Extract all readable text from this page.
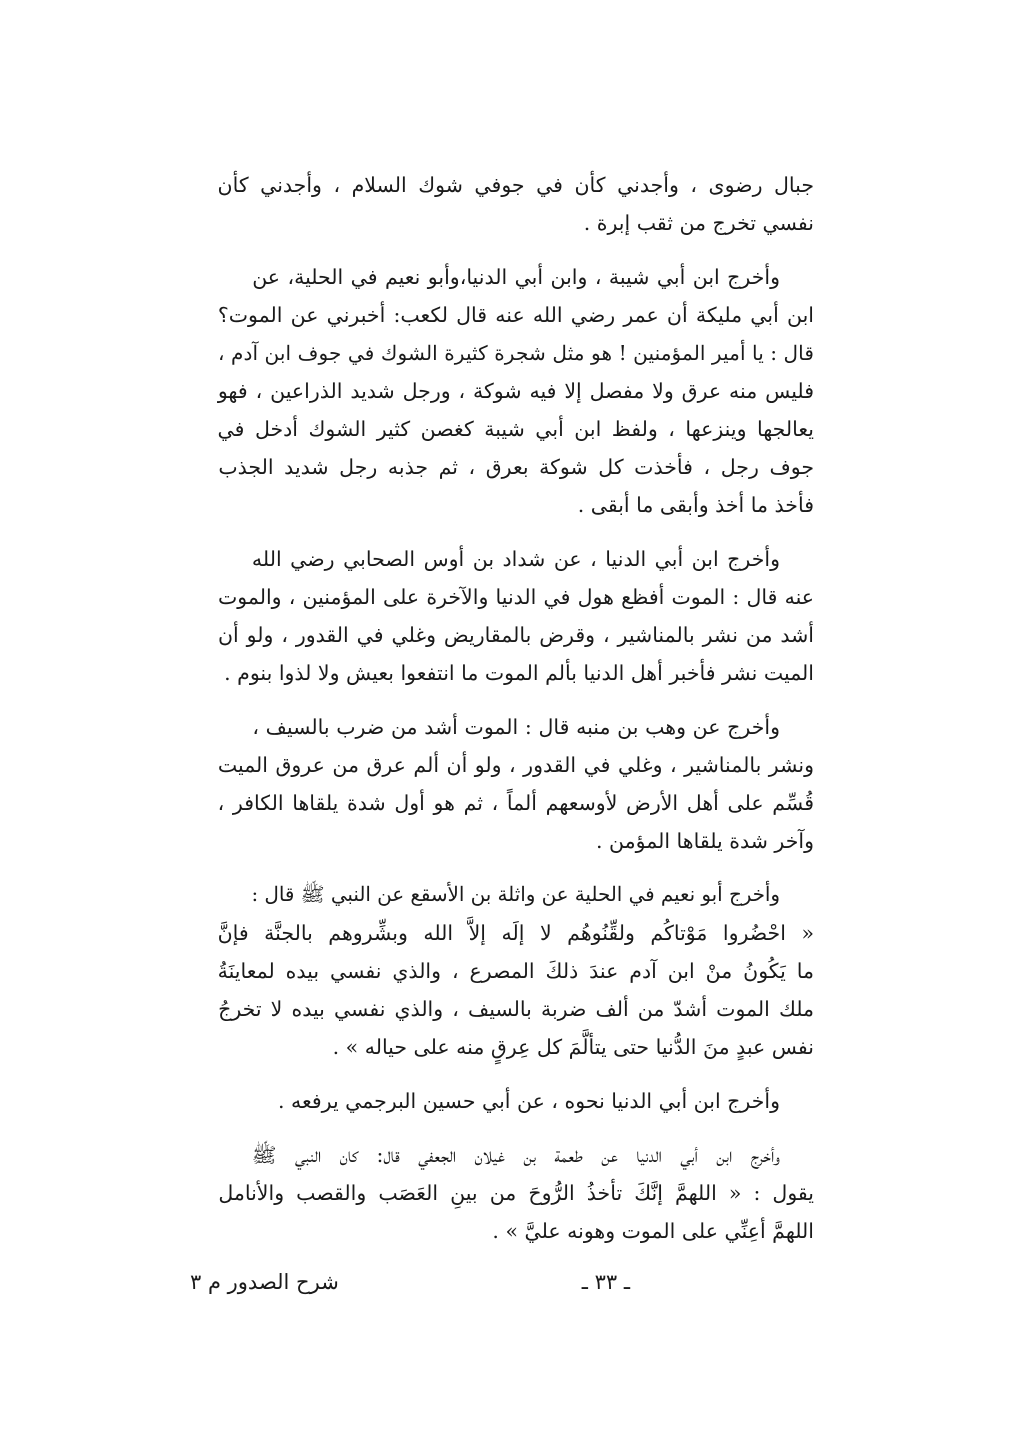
جبال رضوى ، وأجدني كأن في جوفي شوك السلام ، وأجدني كأن
نفسي تخرج من ثقب إبرة .

وأخرج ابن أبي شيبة ، وابن أبي الدنيا،وأبو نعيم في الحلية، عن
ابن أبي مليكة أن عمر رضي الله عنه قال لكعب: أخبرني عن الموت؟
قال : يا أمير المؤمنين ! هو مثل شجرة كثيرة الشوك في جوف ابن آدم ،
فليس منه عرق ولا مفصل إلا فيه شوكة ، ورجل شديد الذراعين ، فهو
يعالجها وينزعها ، ولفظ ابن أبي شيبة كغصن كثير الشوك أدخل في
جوف رجل ، فأخذت كل شوكة بعرق ، ثم جذبه رجل شديد الجذب
فأخذ ما أخذ وأبقى ما أبقى .

وأخرج ابن أبي الدنيا ، عن شداد بن أوس الصحابي رضي الله
عنه قال : الموت أفظع هول في الدنيا والآخرة على المؤمنين ، والموت
أشد من نشر بالمناشير ، وقرض بالمقاريض وغلي في القدور ، ولو أن
الميت نشر فأخبر أهل الدنيا بألم الموت ما انتفعوا بعيش ولا لذوا بنوم .

وأخرج عن وهب بن منبه قال : الموت أشد من ضرب بالسيف ،
ونشر بالمناشير ، وغلي في القدور ، ولو أن ألم عرق من عروق الميت
قُسِّم على أهل الأرض لأوسعهم ألماً ، ثم هو أول شدة يلقاها الكافر ،
وآخر شدة يلقاها المؤمن .

وأخرج أبو نعيم في الحلية عن واثلة بن الأسقع عن النبي ﷺ قال :
« احْضُروا مَوْتاكُم ولقِّنُوهُم لا إلَه إلاَّ الله وبشِّروهم بالجنَّة فإنَّ
ما يَكُونُ منْ ابن آدم عندَ ذلكَ المصرع ، والذي نفسي بيده لمعاينَةُ
ملك الموت أشدّ من ألف ضربة بالسيف ، والذي نفسي بيده لا تخرجُ
نفس عبدٍ منَ الدُّنيا حتى يتألَّمَ كل عِرقٍ منه على حياله » .

وأخرج ابن أبي الدنيا نحوه ، عن أبي حسين البرجمي يرفعه .

وأخرج ابن أبي الدنيا عن طعمة بن غيلان الجعفي قال: كان النبي ﷺ
يقول : « اللهمَّ إنَّكَ تأخذُ الرُّوحَ من بينِ العَصَب والقصب والأنامل
اللهمَّ أعِنِّي على الموت وهونه عليَّ » .

ـ ٣٣ ـ
شرح الصدور م ٣
